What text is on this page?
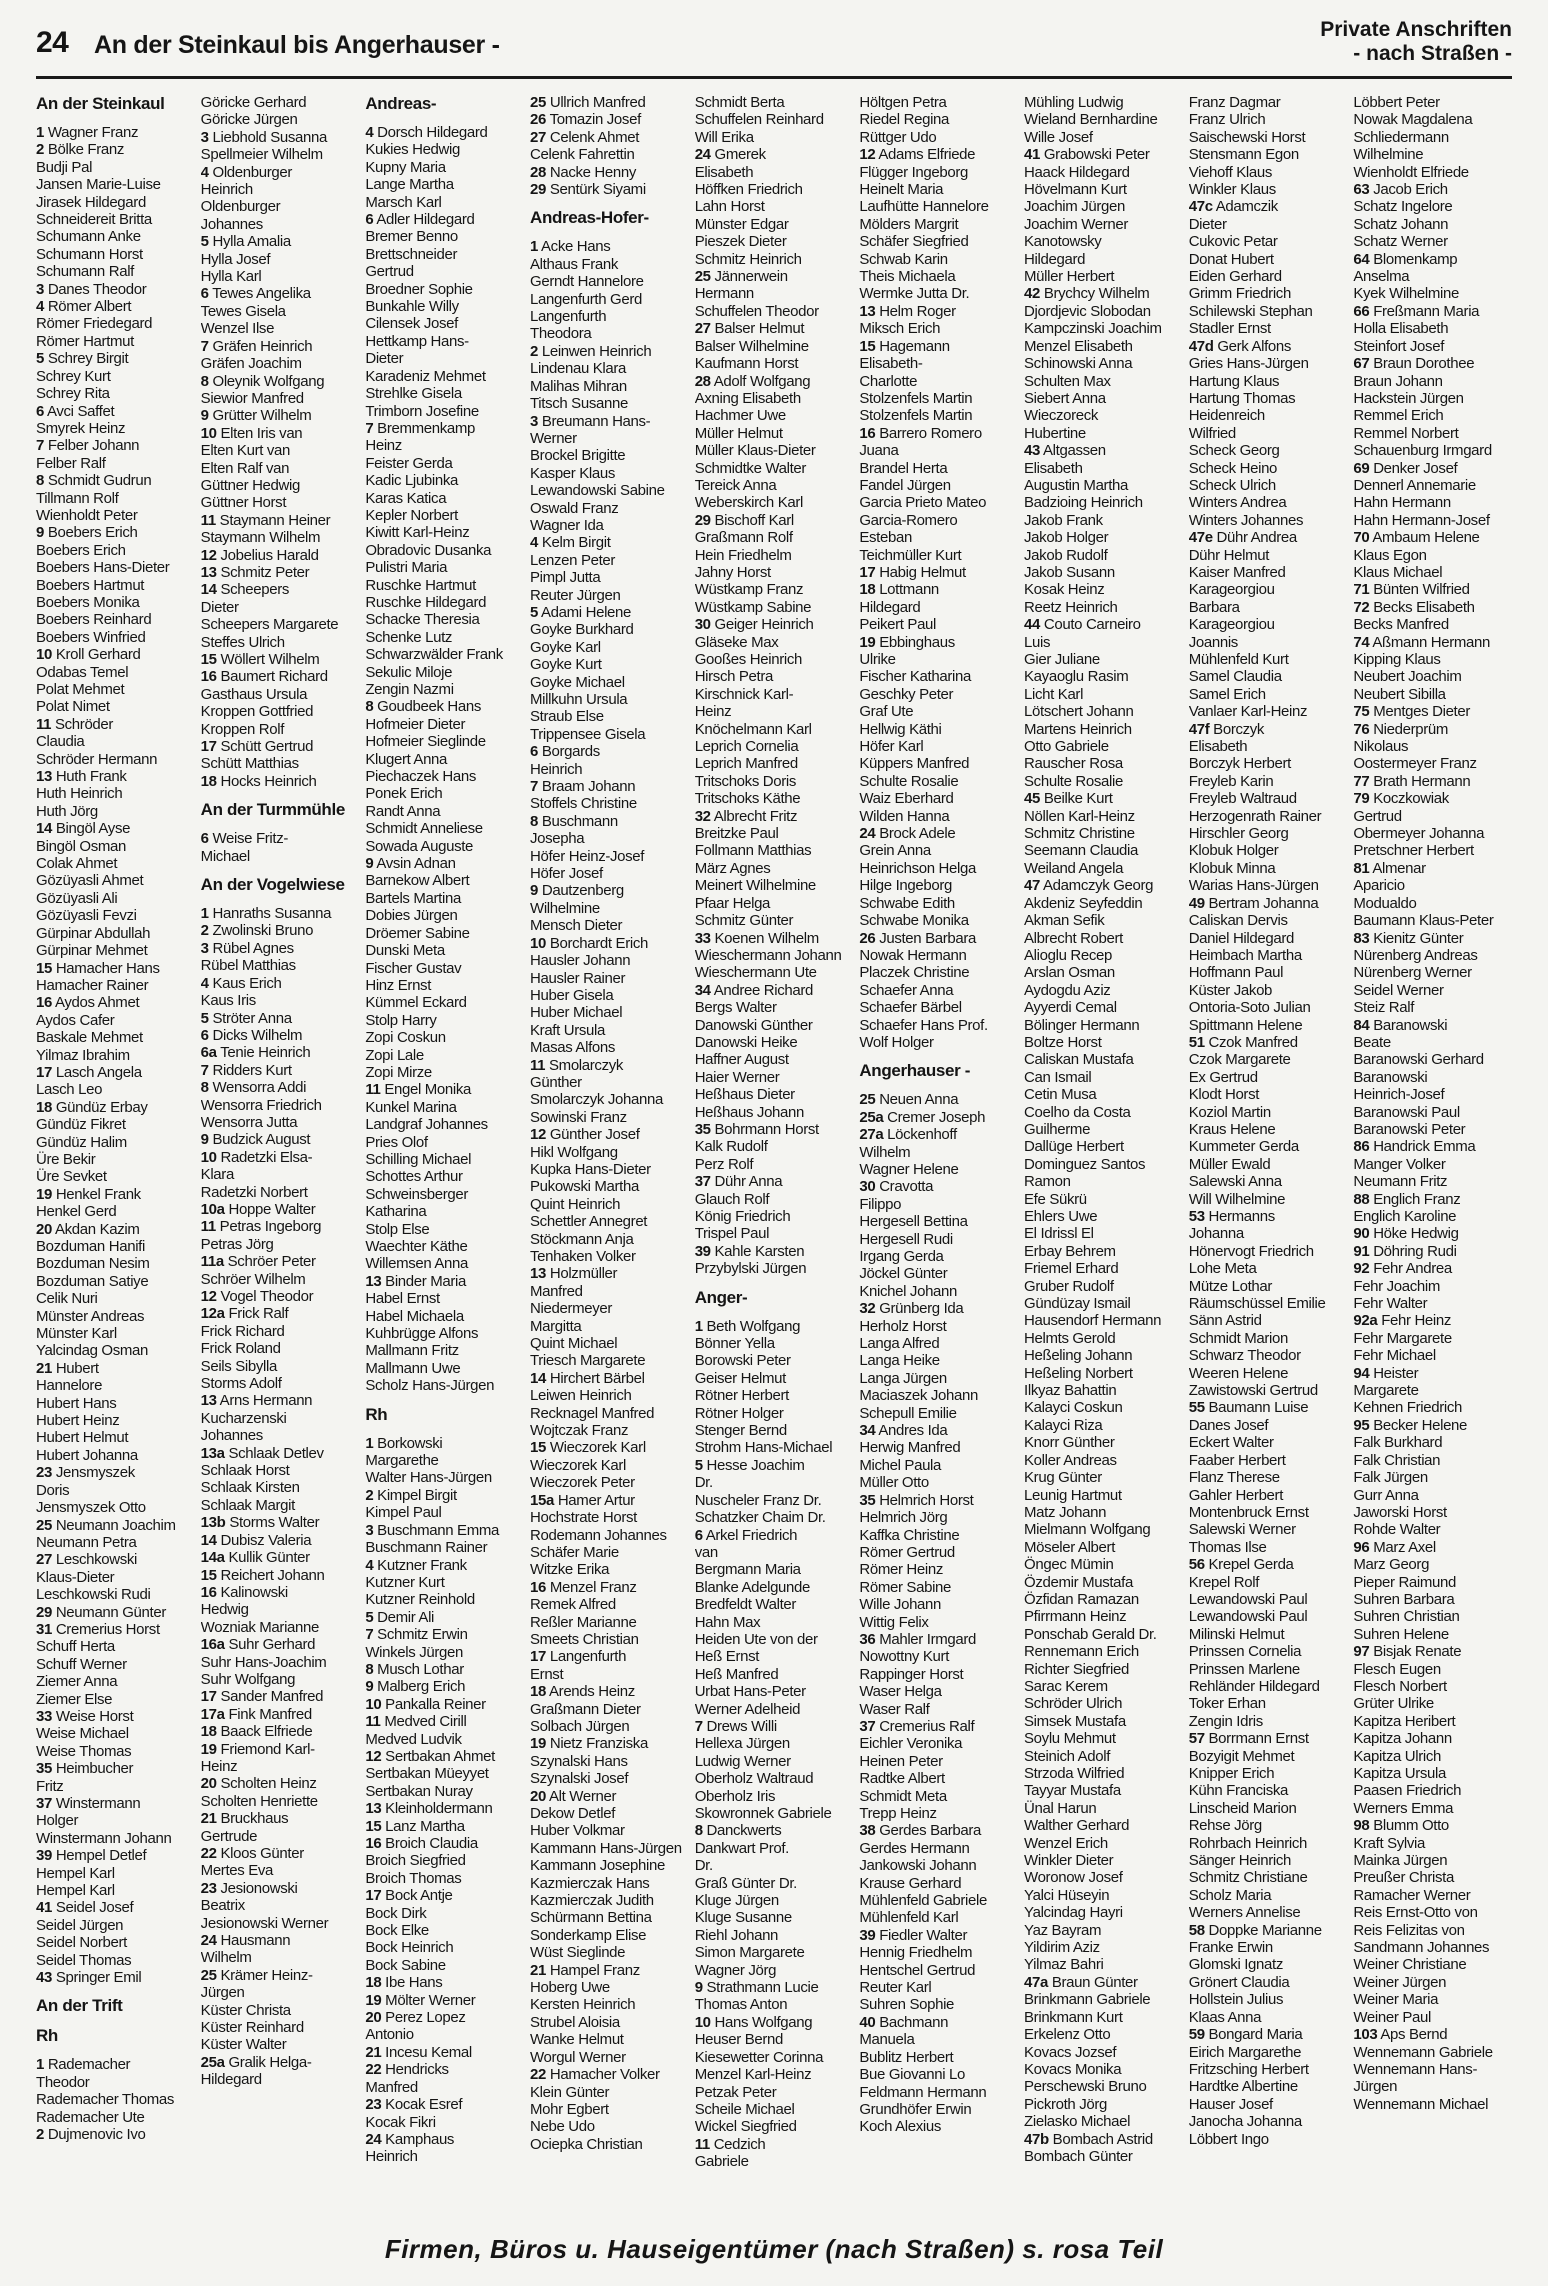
24 An der Steinkaul bis Angerhauser -
Private Anschriften
- nach Straßen -
An der Steinkaul
1 Wagner Franz
2 Bölke Franz
Budji Pal
Jansen Marie-Luise
Jirasek Hildegard
Schneidereit Britta
Schumann Anke
Schumann Horst
Schumann Ralf
3 Danes Theodor
4 Römer Albert
Römer Friedegard
Römer Hartmut
5 Schrey Birgit
Schrey Kurt
Schrey Rita
6 Avci Saffet
Smyrek Heinz
7 Felber Johann
Felber Ralf
8 Schmidt Gudrun
Tillmann Rolf
Wienholdt Peter
9 Boebers Erich
Boebers Erich
Boebers Hans-Dieter
Boebers Hartmut
Boebers Monika
Boebers Reinhard
Boebers Winfried
10 Kroll Gerhard
Odabas Temel
Polat Mehmet
Polat Nimet
11 Schröder
Claudia
Schröder Hermann
13 Huth Frank
Huth Heinrich
Huth Jörg
14 Bingöl Ayse
Bingöl Osman
Colak Ahmet
Gözüyasli Ahmet
Gözüyasli Ali
Gözüyasli Fevzi
Gürpinar Abdullah
Gürpinar Mehmet
15 Hamacher Hans
Hamacher Rainer
16 Aydos Ahmet
Aydos Cafer
Baskale Mehmet
Yilmaz Ibrahim
17 Lasch Angela
Lasch Leo
18 Gündüz Erbay
Gündüz Fikret
Gündüz Halim
Üre Bekir
Üre Sevket
19 Henkel Frank
Henkel Gerd
20 Akdan Kazim
Bozduman Hanifi
Bozduman Nesim
Bozduman Satiye
Celik Nuri
Münster Andreas
Münster Karl
Yalcindag Osman
21 Hubert
Hannelore
Hubert Hans
Hubert Heinz
Hubert Helmut
Hubert Johanna
23 Jensmyszek
Doris
Jensmyszek Otto
25 Neumann Joachim
Neumann Petra
27 Leschkowski
Klaus-Dieter
Leschkowski Rudi
29 Neumann Günter
31 Cremerius Horst
Schuff Herta
Schuff Werner
Ziemer Anna
Ziemer Else
33 Weise Horst
Weise Michael
Weise Thomas
35 Heimbucher
Fritz
37 Winstermann
Holger
Winstermann Johann
39 Hempel Detlef
Hempel Karl
Hempel Karl
41 Seidel Josef
Seidel Jürgen
Seidel Norbert
Seidel Thomas
43 Springer Emil
An der Trift
Rh
1 Rademacher
Theodor
Rademacher Thomas
Rademacher Ute
2 Dujmenovic Ivo
Göricke Gerhard
Göricke Jürgen
3 Liebhold Susanna
Spellmeier Wilhelm
4 Oldenburger
Heinrich
Oldenburger
Johannes
5 Hylla Amalia
Hylla Josef
Hylla Karl
6 Tewes Angelika
Tewes Gisela
Wenzel Ilse
7 Gräfen Heinrich
Gräfen Joachim
8 Oleynik Wolfgang
Siewior Manfred
9 Grütter Wilhelm
10 Elten Iris van
Elten Kurt van
Elten Ralf van
Güttner Hedwig
Güttner Horst
11 Staymann Heiner
Staymann Wilhelm
12 Jobelius Harald
13 Schmitz Peter
14 Scheepers
Dieter
Scheepers Margarete
Steffes Ulrich
15 Wöllert Wilhelm
16 Baumert Richard
Gasthaus Ursula
Kroppen Gottfried
Kroppen Rolf
17 Schütt Gertrud
Schütt Matthias
18 Hocks Heinrich
An der Turmmühle
6 Weise Fritz-
Michael
An der Vogelwiese
1 Hanraths Susanna
2 Zwolinski Bruno
3 Rübel Agnes
Rübel Matthias
4 Kaus Erich
Kaus Iris
5 Ströter Anna
6 Dicks Wilhelm
6a Tenie Heinrich
7 Ridders Kurt
8 Wensorra Addi
Wensorra Friedrich
Wensorra Jutta
9 Budzick August
10 Radetzki Elsa-
Klara
Radetzki Norbert
10a Hoppe Walter
11 Petras Ingeborg
Petras Jörg
11a Schröer Peter
Schröer Wilhelm
12 Vogel Theodor
12a Frick Ralf
Frick Richard
Frick Roland
Seils Sibylla
Storms Adolf
13 Arns Hermann
Kucharzenski
Johannes
13a Schlaak Detlev
Schlaak Horst
Schlaak Kirsten
Schlaak Margit
13b Storms Walter
14 Dubisz Valeria
14a Kullik Günter
15 Reichert Johann
16 Kalinowski
Hedwig
Wozniak Marianne
16a Suhr Gerhard
Suhr Hans-Joachim
Suhr Wolfgang
17 Sander Manfred
17a Fink Manfred
18 Baack Elfriede
19 Friemond Karl-
Heinz
20 Scholten Heinz
Scholten Henriette
21 Bruckhaus
Gertrude
22 Kloos Günter
Mertes Eva
23 Jesionowski
Beatrix
Jesionowski Werner
24 Hausmann
Wilhelm
25 Krämer Heinz-
Jürgen
Küster Christa
Küster Reinhard
Küster Walter
25a Gralik Helga-
Hildegard
Andreas-
4 Dorsch Hildegard
Kukies Hedwig
Kupny Maria
Lange Martha
Marsch Karl
6 Adler Hildegard
Bremer Benno
Brettschneider
Gertrud
Broedner Sophie
Bunkahle Willy
Cilensek Josef
Hettkamp Hans-
Dieter
Karadeniz Mehmet
Strehlke Gisela
Trimborn Josefine
7 Bremmenkamp
Heinz
Feister Gerda
Kadic Ljubinka
Karas Katica
Kepler Norbert
Kiwitt Karl-Heinz
Obradovic Dusanka
Pulistri Maria
Ruschke Hartmut
Ruschke Hildegard
Schacke Theresia
Schenke Lutz
Schwarzwälder Frank
Sekulic Miloje
Zengin Nazmi
8 Goudbeek Hans
Hofmeier Dieter
Hofmeier Sieglinde
Klugert Anna
Piechaczek Hans
Ponek Erich
Randt Anna
Schmidt Anneliese
Sowada Auguste
9 Avsin Adnan
Barnekow Albert
Bartels Martina
Dobies Jürgen
Dröemer Sabine
Dunski Meta
Fischer Gustav
Hinz Ernst
Kümmel Eckard
Stolp Harry
Zopi Coskun
Zopi Lale
Zopi Mirze
11 Engel Monika
Kunkel Marina
Landgraf Johannes
Pries Olof
Schilling Michael
Schottes Arthur
Schweinsberger
Katharina
Stolp Else
Waechter Käthe
Willemsen Anna
13 Binder Maria
Habel Ernst
Habel Michaela
Kuhbrügge Alfons
Mallmann Fritz
Mallmann Uwe
Scholz Hans-Jürgen
Rh
1 Borkowski
Margarethe
Walter Hans-Jürgen
2 Kimpel Birgit
Kimpel Paul
3 Buschmann Emma
Buschmann Rainer
4 Kutzner Frank
Kutzner Kurt
Kutzner Reinhold
5 Demir Ali
7 Schmitz Erwin
Winkels Jürgen
8 Musch Lothar
9 Malberg Erich
10 Pankalla Reiner
11 Medved Cirill
Medved Ludvik
12 Sertbakan Ahmet
Sertbakan Müeyyet
Sertbakan Nuray
13 Kleinholdermann
15 Lanz Martha
16 Broich Claudia
Broich Siegfried
Broich Thomas
17 Bock Antje
Bock Dirk
Bock Elke
Bock Heinrich
Bock Sabine
18 Ibe Hans
19 Mölter Werner
20 Perez Lopez
Antonio
21 Incesu Kemal
22 Hendricks
Manfred
23 Kocak Esref
Kocak Fikri
24 Kamphaus
Heinrich
25 Ullrich Manfred
26 Tomazin Josef
27 Celenk Ahmet
Celenk Fahrettin
28 Nacke Henny
29 Sentürk Siyami
Andreas-Hofer-
1 Acke Hans
Althaus Frank
Gerndt Hannelore
Langenfurth Gerd
Langenfurth
Theodora
2 Leinwen Heinrich
Lindenau Klara
Malihas Mihran
Titsch Susanne
3 Breumann Hans-
Werner
Brockel Brigitte
Kasper Klaus
Lewandowski Sabine
Oswald Franz
Wagner Ida
4 Kelm Birgit
Lenzen Peter
Pimpl Jutta
Reuter Jürgen
5 Adami Helene
Goyke Burkhard
Goyke Karl
Goyke Kurt
Goyke Michael
Millkuhn Ursula
Straub Else
Trippensee Gisela
6 Borgards
Heinrich
7 Braam Johann
Stoffels Christine
8 Buschmann
Josepha
Höfer Heinz-Josef
Höfer Josef
9 Dautzenberg
Wilhelmine
Mensch Dieter
10 Borchardt Erich
Hausler Johann
Hausler Rainer
Huber Gisela
Huber Michael
Kraft Ursula
Masas Alfons
11 Smolarczyk
Günther
Smolarczyk Johanna
Sowinski Franz
12 Günther Josef
Hikl Wolfgang
Kupka Hans-Dieter
Pukowski Martha
Quint Heinrich
Schettler Annegret
Stöckmann Anja
Tenhaken Volker
13 Holzmüller
Manfred
Niedermeyer
Margitta
Quint Michael
Triesch Margarete
14 Hirchert Bärbel
Leiwen Heinrich
Recknagel Manfred
Wojtczak Franz
15 Wieczorek Karl
Wieczorek Karl
Wieczorek Peter
15a Hamer Artur
Hochstrate Horst
Rodemann Johannes
Schäfer Marie
Witzke Erika
16 Menzel Franz
Remek Alfred
Reßler Marianne
Smeets Christian
17 Langenfurth
Ernst
18 Arends Heinz
Graßmann Dieter
Solbach Jürgen
19 Nietz Franziska
Szynalski Hans
Szynalski Josef
20 Alt Werner
Dekow Detlef
Huber Volkmar
Kammann Hans-Jürgen
Kammann Josephine
Kazmierczak Hans
Kazmierczak Judith
Schürmann Bettina
Sonderkamp Elise
Wüst Sieglinde
21 Hampel Franz
Hoberg Uwe
Kersten Heinrich
Strubel Aloisia
Wanke Helmut
Worgul Werner
22 Hamacher Volker
Klein Günter
Mohr Egbert
Nebe Udo
Ociepka Christian
Schmidt Berta
Schuffelen Reinhard
Will Erika
24 Gmerek
Elisabeth
Höffken Friedrich
Lahn Horst
Münster Edgar
Pieszek Dieter
Schmitz Heinrich
25 Jännerwein
Hermann
Schuffelen Theodor
27 Balser Helmut
Balser Wilhelmine
Kaufmann Horst
28 Adolf Wolfgang
Axning Elisabeth
Hachmer Uwe
Müller Helmut
Müller Klaus-Dieter
Schmidtke Walter
Tereick Anna
Weberskirch Karl
29 Bischoff Karl
Graßmann Rolf
Hein Friedhelm
Jahny Horst
Wüstkamp Franz
Wüstkamp Sabine
30 Geiger Heinrich
Gläseke Max
Gooßes Heinrich
Hirsch Petra
Kirschnick Karl-
Heinz
Knöchelmann Karl
Leprich Cornelia
Leprich Manfred
Tritschoks Doris
Tritschoks Käthe
32 Albrecht Fritz
Breitzke Paul
Follmann Matthias
März Agnes
Meinert Wilhelmine
Pfaar Helga
Schmitz Günter
33 Koenen Wilhelm
Wieschermann Johann
Wieschermann Ute
34 Andree Richard
Bergs Walter
Danowski Günther
Danowski Heike
Haffner August
Haier Werner
Heßhaus Dieter
Heßhaus Johann
35 Bohrmann Horst
Kalk Rudolf
Perz Rolf
37 Dühr Anna
Glauch Rolf
König Friedrich
Trispel Paul
39 Kahle Karsten
Przybylski Jürgen
Anger-
1 Beth Wolfgang
Bönner Yella
Borowski Peter
Geiser Helmut
Rötner Herbert
Rötner Holger
Stenger Bernd
Strohm Hans-Michael
5 Hesse Joachim
Dr.
Nuscheler Franz Dr.
Schatzker Chaim Dr.
6 Arkel Friedrich
van
Bergmann Maria
Blanke Adelgunde
Bredfeldt Walter
Hahn Max
Heiden Ute von der
Heß Ernst
Heß Manfred
Urbat Hans-Peter
Werner Adelheid
7 Drews Willi
Hellexa Jürgen
Ludwig Werner
Oberholz Waltraud
Oberholz Iris
Skowronnek Gabriele
8 Danckwerts
Dankwart Prof.
Dr.
Graß Günter Dr.
Kluge Jürgen
Kluge Susanne
Riehl Johann
Simon Margarete
Wagner Jörg
9 Strathmann Lucie
Thomas Anton
10 Hans Wolfgang
Heuser Bernd
Kiesewetter Corinna
Menzel Karl-Heinz
Petzak Peter
Scheile Michael
Wickel Siegfried
11 Cedzich
Gabriele
Höltgen Petra
Riedel Regina
Rüttger Udo
12 Adams Elfriede
Flügger Ingeborg
Heinelt Maria
Laufhütte Hannelore
Mölders Margrit
Schäfer Siegfried
Schwab Karin
Theis Michaela
Wermke Jutta Dr.
13 Helm Roger
Miksch Erich
15 Hagemann
Elisabeth-
Charlotte
Stolzenfels Martin
Stolzenfels Martin
16 Barrero Romero
Juana
Brandel Herta
Fandel Jürgen
Garcia Prieto Mateo
Garcia-Romero
Esteban
Teichmüller Kurt
17 Habig Helmut
18 Lottmann
Hildegard
Peikert Paul
19 Ebbinghaus
Ulrike
Fischer Katharina
Geschky Peter
Graf Ute
Hellwig Käthi
Höfer Karl
Küppers Manfred
Schulte Rosalie
Waiz Eberhard
Wilden Hanna
24 Brock Adele
Grein Anna
Heinrichson Helga
Hilge Ingeborg
Schwabe Edith
Schwabe Monika
26 Justen Barbara
Nowak Hermann
Placzek Christine
Schaefer Anna
Schaefer Bärbel
Schaefer Hans Prof.
Wolf Holger
Angerhauser -
25 Neuen Anna
25a Cremer Joseph
27a Löckenhoff
Wilhelm
Wagner Helene
30 Cravotta
Filippo
Hergesell Bettina
Hergesell Rudi
Irgang Gerda
Jöckel Günter
Knichel Johann
32 Grünberg Ida
Herholz Horst
Langa Alfred
Langa Heike
Langa Jürgen
Maciaszek Johann
Schepull Emilie
34 Andres Ida
Herwig Manfred
Michel Paula
Müller Otto
35 Helmrich Horst
Helmrich Jörg
Kaffka Christine
Römer Gertrud
Römer Heinz
Römer Sabine
Wille Johann
Wittig Felix
36 Mahler Irmgard
Nowottny Kurt
Rappinger Horst
Waser Helga
Waser Ralf
37 Cremerius Ralf
Eichler Veronika
Heinen Peter
Radtke Albert
Schmidt Meta
Trepp Heinz
38 Gerdes Barbara
Gerdes Hermann
Jankowski Johann
Krause Gerhard
Mühlenfeld Gabriele
Mühlenfeld Karl
39 Fiedler Walter
Hennig Friedhelm
Hentschel Gertrud
Reuter Karl
Suhren Sophie
40 Bachmann
Manuela
Bublitz Herbert
Bue Giovanni Lo
Feldmann Hermann
Grundhöfer Erwin
Koch Alexius
Mühling Ludwig
Wieland Bernhardine
Wille Josef
41 Grabowski Peter
Haack Hildegard
Hövelmann Kurt
Joachim Jürgen
Joachim Werner
Kanotowsky
Hildegard
Müller Herbert
42 Brychcy Wilhelm
Djordjevic Slobodan
Kampczinski Joachim
Menzel Elisabeth
Schinowski Anna
Schulten Max
Siebert Anna
Wieczoreck
Hubertine
43 Altgassen
Elisabeth
Augustin Martha
Badzioing Heinrich
Jakob Frank
Jakob Holger
Jakob Rudolf
Jakob Susann
Kosak Heinz
Reetz Heinrich
44 Couto Carneiro
Luis
Gier Juliane
Kayaoglu Rasim
Licht Karl
Lötschert Johann
Martens Heinrich
Otto Gabriele
Rauscher Rosa
Schulte Rosalie
45 Beilke Kurt
Nöllen Karl-Heinz
Schmitz Christine
Seemann Claudia
Weiland Angela
47 Adamczyk Georg
Akdeniz Seyfeddin
Akman Sefik
Albrecht Robert
Alioglu Recep
Arslan Osman
Aydogdu Aziz
Ayyerdi Cemal
Bölinger Hermann
Boltze Horst
Caliskan Mustafa
Can Ismail
Cetin Musa
Coelho da Costa
Guilherme
Dallüge Herbert
Dominguez Santos
Ramon
Efe Sükrü
Ehlers Uwe
El Idrissl El
Erbay Behrem
Friemel Erhard
Gruber Rudolf
Gündüzay Ismail
Hausendorf Hermann
Helmts Gerold
Heßeling Johann
Heßeling Norbert
Ilkyaz Bahattin
Kalayci Coskun
Kalayci Riza
Knorr Günther
Koller Andreas
Krug Günter
Leunig Hartmut
Matz Johann
Mielmann Wolfgang
Möseler Albert
Öngec Mümin
Özdemir Mustafa
Özfidan Ramazan
Pfirrmann Heinz
Ponschab Gerald Dr.
Rennemann Erich
Richter Siegfried
Sarac Kerem
Schröder Ulrich
Simsek Mustafa
Soylu Mehmut
Steinich Adolf
Strzoda Wilfried
Tayyar Mustafa
Ünal Harun
Walther Gerhard
Wenzel Erich
Winkler Dieter
Woronow Josef
Yalci Hüseyin
Yalcindag Hayri
Yaz Bayram
Yildirim Aziz
Yilmaz Bahri
47a Braun Günter
Brinkmann Gabriele
Brinkmann Kurt
Erkelenz Otto
Kovacs Jozsef
Kovacs Monika
Perschewski Bruno
Pickroth Jörg
Zielasko Michael
47b Bombach Astrid
Bombach Günter
Franz Dagmar
Franz Ulrich
Saischewski Horst
Stensmann Egon
Viehoff Klaus
Winkler Klaus
47c Adamczik
Dieter
Cukovic Petar
Donat Hubert
Eiden Gerhard
Grimm Friedrich
Schilewski Stephan
Stadler Ernst
47d Gerk Alfons
Gries Hans-Jürgen
Hartung Klaus
Hartung Thomas
Heidenreich
Wilfried
Scheck Georg
Scheck Heino
Scheck Ulrich
Winters Andrea
Winters Johannes
47e Dühr Andrea
Dühr Helmut
Kaiser Manfred
Karageorgiou
Barbara
Karageorgiou
Joannis
Mühlenfeld Kurt
Samel Claudia
Samel Erich
Vanlaer Karl-Heinz
47f Borczyk
Elisabeth
Borczyk Herbert
Freyleb Karin
Freyleb Waltraud
Herzogenrath Rainer
Hirschler Georg
Klobuk Holger
Klobuk Minna
Warias Hans-Jürgen
49 Bertram Johanna
Caliskan Dervis
Daniel Hildegard
Heimbach Martha
Hoffmann Paul
Küster Jakob
Ontoria-Soto Julian
Spittmann Helene
51 Czok Manfred
Czok Margarete
Ex Gertrud
Klodt Horst
Koziol Martin
Kraus Helene
Kummeter Gerda
Müller Ewald
Salewski Anna
Will Wilhelmine
53 Hermanns
Johanna
Hönervogt Friedrich
Lohe Meta
Mütze Lothar
Räumschüssel Emilie
Sänn Astrid
Schmidt Marion
Schwarz Theodor
Weeren Helene
Zawistowski Gertrud
55 Baumann Luise
Danes Josef
Eckert Walter
Faaber Herbert
Flanz Therese
Gahler Herbert
Montenbruck Ernst
Salewski Werner
Thomas Ilse
56 Krepel Gerda
Krepel Rolf
Lewandowski Paul
Lewandowski Paul
Milinski Helmut
Prinssen Cornelia
Prinssen Marlene
Rehländer Hildegard
Toker Erhan
Zengin Idris
57 Borrmann Ernst
Bozyigit Mehmet
Knipper Erich
Kühn Franciska
Linscheid Marion
Rehse Jörg
Rohrbach Heinrich
Sänger Heinrich
Schmitz Christiane
Scholz Maria
Werners Annelise
58 Doppke Marianne
Franke Erwin
Glomski Ignatz
Grönert Claudia
Hollstein Julius
Klaas Anna
59 Bongard Maria
Eirich Margarethe
Fritzsching Herbert
Hardtke Albertine
Hauser Josef
Janocha Johanna
Löbbert Ingo
Löbbert Peter
Nowak Magdalena
Schliedermann
Wilhelmine
Wienholdt Elfriede
63 Jacob Erich
Schatz Ingelore
Schatz Johann
Schatz Werner
64 Blomenkamp
Anselma
Kyek Wilhelmine
66 Freßmann Maria
Holla Elisabeth
Steinfort Josef
67 Braun Dorothee
Braun Johann
Hackstein Jürgen
Remmel Erich
Remmel Norbert
Schauenburg Irmgard
69 Denker Josef
Dennerl Annemarie
Hahn Hermann
Hahn Hermann-Josef
70 Ambaum Helene
Klaus Egon
Klaus Michael
71 Bünten Wilfried
72 Becks Elisabeth
Becks Manfred
74 Aßmann Hermann
Kipping Klaus
Neubert Joachim
Neubert Sibilla
75 Mentges Dieter
76 Niederprüm
Nikolaus
Oostermeyer Franz
77 Brath Hermann
79 Koczkowiak
Gertrud
Obermeyer Johanna
Pretschner Herbert
81 Almenar
Aparicio
Modualdo
Baumann Klaus-Peter
83 Kienitz Günter
Nürenberg Andreas
Nürenberg Werner
Seidel Werner
Steiz Ralf
84 Baranowski
Beate
Baranowski Gerhard
Baranowski
Heinrich-Josef
Baranowski Paul
Baranowski Peter
86 Handrick Emma
Manger Volker
Neumann Fritz
88 Englich Franz
Englich Karoline
90 Höke Hedwig
91 Döhring Rudi
92 Fehr Andrea
Fehr Joachim
Fehr Walter
92a Fehr Heinz
Fehr Margarete
Fehr Michael
94 Heister
Margarete
Kehnen Friedrich
95 Becker Helene
Falk Burkhard
Falk Christian
Falk Jürgen
Gurr Anna
Jaworski Horst
Rohde Walter
96 Marz Axel
Marz Georg
Pieper Raimund
Suhren Barbara
Suhren Christian
Suhren Helene
97 Bisjak Renate
Flesch Eugen
Flesch Norbert
Grüter Ulrike
Kapitza Heribert
Kapitza Johann
Kapitza Ulrich
Kapitza Ursula
Paasen Friedrich
Werners Emma
98 Blumm Otto
Kraft Sylvia
Mainka Jürgen
Preußer Christa
Ramacher Werner
Reis Ernst-Otto von
Reis Felizitas von
Sandmann Johannes
Weiner Christiane
Weiner Jürgen
Weiner Maria
Weiner Paul
103 Aps Bernd
Wennemann Gabriele
Wennemann Hans-
Jürgen
Wennemann Michael
Firmen, Büros u. Hauseigentümer (nach Straßen) s. rosa Teil
